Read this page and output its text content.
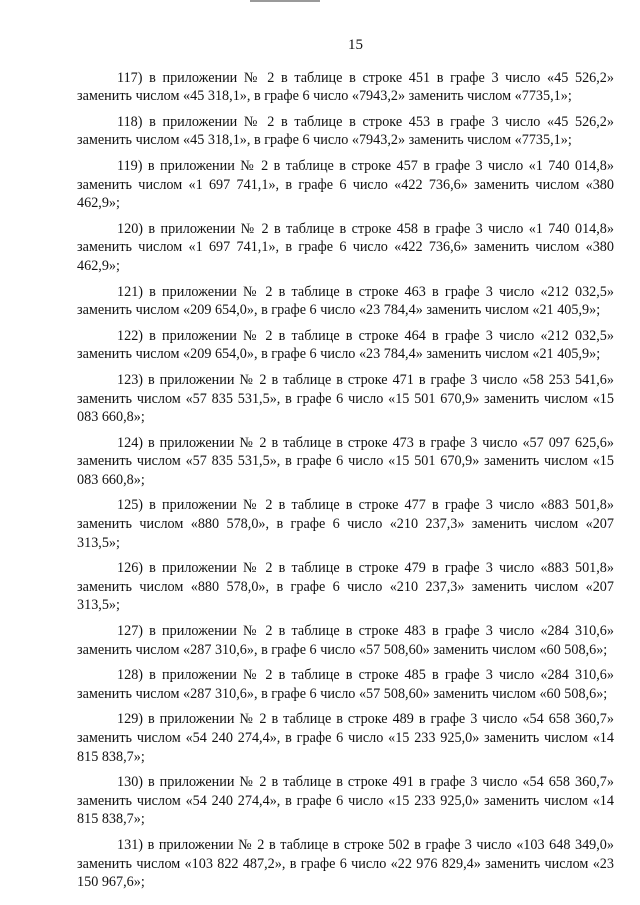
15

117) в приложении № 2 в таблице в строке 451 в графе 3 число «45 526,2» заменить числом «45 318,1», в графе 6 число «7943,2» заменить числом «7735,1»;

118) в приложении № 2 в таблице в строке 453 в графе 3 число «45 526,2» заменить числом «45 318,1», в графе 6 число «7943,2» заменить числом «7735,1»;

119) в приложении № 2 в таблице в строке 457 в графе 3 число «1 740 014,8» заменить числом «1 697 741,1», в графе 6 число «422 736,6» заменить числом «380 462,9»;

120) в приложении № 2 в таблице в строке 458 в графе 3 число «1 740 014,8» заменить числом «1 697 741,1», в графе 6 число «422 736,6» заменить числом «380 462,9»;

121) в приложении № 2 в таблице в строке 463 в графе 3 число «212 032,5» заменить числом «209 654,0», в графе 6 число «23 784,4» заменить числом «21 405,9»;

122) в приложении № 2 в таблице в строке 464 в графе 3 число «212 032,5» заменить числом «209 654,0», в графе 6 число «23 784,4» заменить числом «21 405,9»;

123) в приложении № 2 в таблице в строке 471 в графе 3 число «58 253 541,6» заменить числом «57 835 531,5», в графе 6 число «15 501 670,9» заменить числом «15 083 660,8»;

124) в приложении № 2 в таблице в строке 473 в графе 3 число «57 097 625,6» заменить числом «57 835 531,5», в графе 6 число «15 501 670,9» заменить числом «15 083 660,8»;

125) в приложении № 2 в таблице в строке 477 в графе 3 число «883 501,8» заменить числом «880 578,0», в графе 6 число «210 237,3» заменить числом «207 313,5»;

126) в приложении № 2 в таблице в строке 479 в графе 3 число «883 501,8» заменить числом «880 578,0», в графе 6 число «210 237,3» заменить числом «207 313,5»;

127) в приложении № 2 в таблице в строке 483 в графе 3 число «284 310,6» заменить числом «287 310,6», в графе 6 число «57 508,60» заменить числом «60 508,6»;

128) в приложении № 2 в таблице в строке 485 в графе 3 число «284 310,6» заменить числом «287 310,6», в графе 6 число «57 508,60» заменить числом «60 508,6»;

129) в приложении № 2 в таблице в строке 489 в графе 3 число «54 658 360,7» заменить числом «54 240 274,4», в графе 6 число «15 233 925,0» заменить числом «14 815 838,7»;

130) в приложении № 2 в таблице в строке 491 в графе 3 число «54 658 360,7» заменить числом «54 240 274,4», в графе 6 число «15 233 925,0» заменить числом «14 815 838,7»;

131) в приложении № 2 в таблице в строке 502 в графе 3 число «103 648 349,0» заменить числом «103 822 487,2», в графе 6 число «22 976 829,4» заменить числом «23 150 967,6»;
